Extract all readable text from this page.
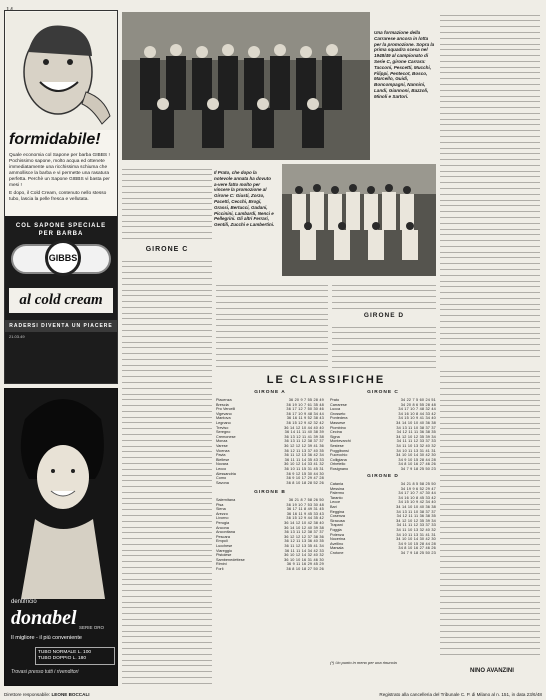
formidabile!
Quale economia col Sapone per barba GIBBS ! Pochissimo sapone, molto acqua ed ottenete immediatamente una ricchissima schiuma che ammollisce la barba e vi permette una rasatura perfetta. Perchè un Sapone GIBBS vi basta per mesi !
E dopo, il Cold Cream, contenuto nello stesso tubo, lascia la pelle fresca e vellutata.
COL SAPONE SPECIALE PER BARBA
GIBBS
al cold cream
RADERSI DIVENTA UN PIACERE
21.03.49
dentifricio
donabel SERIE ORO
Il migliore - il più conveniente
TUBO NORMALE L. 100
TUBO DOPPIO L. 180
Trovasi presso tutti i rivenditori
Una formazione della Carrarese ancora in lotta per la promozione. Sopra la prima squadra scesa nel 1948/49 al campionato di Serie C, girone Carrara: Tacconi, Pescetti, Mucchi, Filippi, Pentecot, Bosco, Marcello, Guidi, Boncompagni, Nannini, Landi, Giannoni, Bazzoli, Minoli e Sartori.
Il Prato, che dopo la notevole annata ha dovuto a-vere fatto molto per vincere la promozione al Girone C: Giusti, Zorzo, Pacetti, Cecchi, Brogi, Grassi, Bertucci, Gadani, Piccinini, Lambardi, Nenci e Pellegrini. Gli altri Ferrari, Gentili, Zucchi e Lambertini.
GIRONE C
GIRONE D
NINO AVANZINI
LE CLASSIFICHE
GIRONE A	GIRONE C
Piacenza	36 20 9 7 55 28 49
Brescia	36 19 10 7 61 35 48
Pro Vercelli	36 17 12 7 50 30 46
Vigevano	36 17 10 9 48 34 44
Mantova	36 16 11 9 52 38 43
Legnano	36 15 12 9 42 32 42
Treviso	36 14 12 10 44 40 40
Seregno	36 14 11 11 40 38 39
Cremonese	36 13 12 11 41 39 38
Monza	36 13 11 12 38 37 37
Varese	36 12 12 12 39 41 36
Vicenza	36 12 11 13 37 40 35
Pavia	36 11 12 13 36 42 34
Biellese	36 11 11 14 35 43 33
Novara	36 10 12 14 33 41 32
Lecco	36 10 11 15 31 45 31
Alessandria	36 9 12 15 30 44 30
Como	36 9 10 17 29 47 28
Savona	36 8 10 18 28 52 26
Prato	34 22 7 5 60 24 51
Carrarese	34 20 8 6 55 28 48
Lucca	34 17 10 7 48 32 44
Grosseto	34 16 10 8 44 33 42
Pontedera	34 15 10 9 41 34 40
Massese	34 14 10 10 40 36 38
Piombino	34 13 11 10 38 37 37
Cecina	34 12 11 11 36 38 35
Signa	34 12 10 12 35 39 34
Montevarchi	34 11 11 12 33 37 33
Sestese	34 11 10 13 32 40 32
Poggibonsi	34 10 11 13 31 41 31
Fucecchio	34 10 10 14 30 42 30
Colligiana	34 9 10 15 28 44 28
Orbetello	34 8 10 16 27 46 26
Rosignano	34 7 9 18 25 50 23
GIRONE B
GIRONE D
Salernitana	36 21 8 7 58 26 50
Pisa	36 19 10 7 53 30 48
Siena	36 17 11 8 49 31 45
Arezzo	36 16 11 9 45 33 43
Livorno	36 15 12 9 44 35 42
Perugia	36 14 12 10 42 38 40
Ancona	36 14 10 12 40 39 38
Anconitana	36 13 11 12 38 37 37
Pescara	36 12 12 12 37 38 36
Empoli	36 12 11 13 36 40 35
Lucchese	36 11 12 13 35 41 34
Viareggio	36 11 11 14 34 42 33
Pistoiese	36 10 12 14 32 40 32
Sambenedettese	36 10 10 16 31 46 30
Rimini	36 9 11 16 29 45 29
Forlì	36 8 10 18 27 50 26
Catania	34 21 8 5 58 25 50
Messina	34 19 9 6 52 29 47
Palermo	34 17 10 7 47 30 44
Taranto	34 16 10 8 45 33 42
Lecce	34 15 10 9 42 34 40
Bari	34 14 10 10 40 36 38
Reggina	34 13 11 10 38 37 37
Cosenza	34 12 11 11 36 38 35
Siracusa	34 12 10 12 35 39 34
Trapani	34 11 11 12 33 37 33
Foggia	34 11 10 13 32 40 32
Potenza	34 10 11 13 31 41 31
Nocerina	34 10 10 14 30 42 30
Avellino	34 9 10 15 28 44 28
Marsala	34 8 10 16 27 46 26
Crotone	34 7 9 18 25 50 23
(*) Un punto in meno per una rinuncia
Direttore responsabile: LEONE BOCCALI	Registrato alla cancelleria del Tribunale C. P. di Milano al n. 151, in data 23/6/48
